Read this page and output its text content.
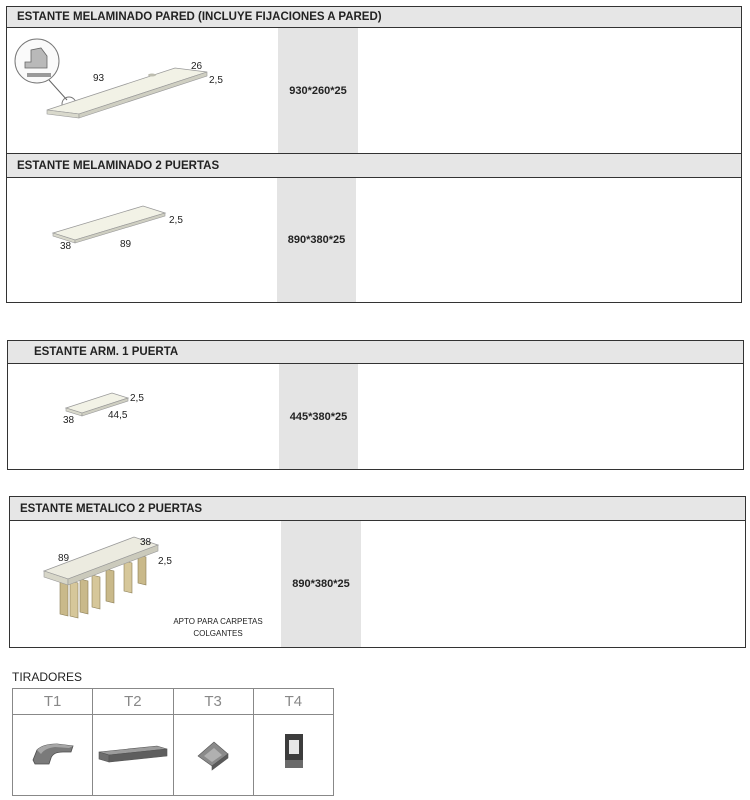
ESTANTE MELAMINADO PARED (INCLUYE FIJACIONES A PARED)
93
26
2,5
930*260*25
ESTANTE MELAMINADO 2 PUERTAS
2,5
38	89	890*380*25
ESTANTE ARM. 1 PUERTA
2,5
38	44,5	445*380*25
ESTANTE METALICO 2 PUERTAS
89
38
2,5
APTO PARA CARPETAS
COLGANTES
890*380*25
TIRADORES
T1	T2	T3	T4
